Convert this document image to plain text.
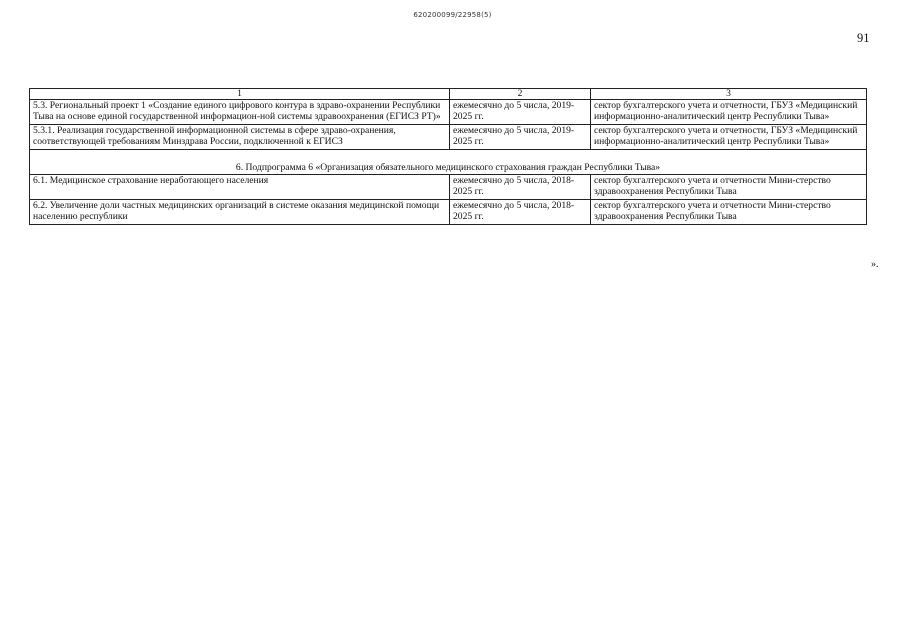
620200099/22958(5)
91
1	2	3
5.3. Региональный проект 1 «Создание единого цифрового контура в здраво-охранении Республики Тыва на основе единой государственной информацион-ной системы здравоохранения (ЕГИСЗ РТ)»	ежемесячно до 5 числа, 2019-2025 гг.	сектор бухгалтерского учета и отчетности, ГБУЗ «Медицинский информационно-аналитический центр Республики Тыва»
5.3.1. Реализация государственной информационной системы в сфере здраво-охранения, соответствующей требованиям Минздрава России, подключенной к ЕГИСЗ	ежемесячно до 5 числа, 2019-2025 гг.	сектор бухгалтерского учета и отчетности, ГБУЗ «Медицинский информационно-аналитический центр Республики Тыва»
6. Подпрограмма 6 «Организация обязательного медицинского страхования граждан Республики Тыва»		
6.1. Медицинское страхование неработающего населения	ежемесячно до 5 числа, 2018-2025 гг.	сектор бухгалтерского учета и отчетности Мини-стерство здравоохранения Республики Тыва
6.2. Увеличение доли частных медицинских организаций в системе оказания медицинской помощи населению республики	ежемесячно до 5 числа, 2018-2025 гг.	сектор бухгалтерского учета и отчетности Мини-стерство здравоохранения Республики Тыва
».
